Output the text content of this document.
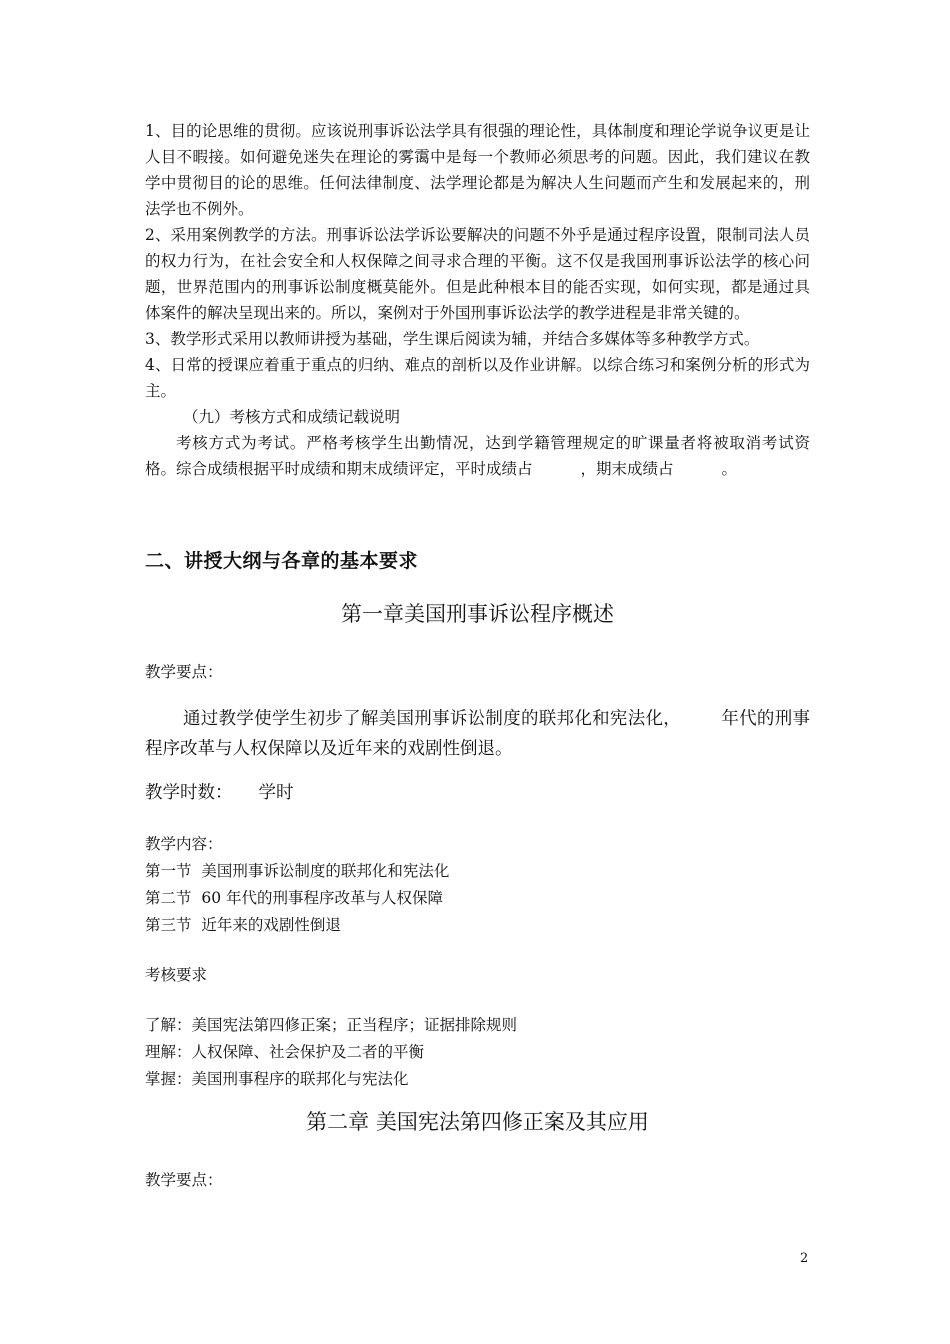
1、目的论思维的贯彻。应该说刑事诉讼法学具有很强的理论性，具体制度和理论学说争议更是让人目不暇接。如何避免迷失在理论的雾霭中是每一个教师必须思考的问题。因此，我们建议在教学中贯彻目的论的思维。任何法律制度、法学理论都是为解决人生问题而产生和发展起来的，刑法学也不例外。

2、采用案例教学的方法。刑事诉讼法学诉讼要解决的问题不外乎是通过程序设置，限制司法人员的权力行为，在社会安全和人权保障之间寻求合理的平衡。这不仅是我国刑事诉讼法学的核心问题，世界范围内的刑事诉讼制度概莫能外。但是此种根本目的能否实现，如何实现，都是通过具体案件的解决呈现出来的。所以，案例对于外国刑事诉讼法学的教学进程是非常关键的。

3、教学形式采用以教师讲授为基础，学生课后阅读为辅，并结合多媒体等多种教学方式。

4、日常的授课应着重于重点的归纳、难点的剖析以及作业讲解。以综合练习和案例分析的形式为主。

（九）考核方式和成绩记载说明

考核方式为考试。严格考核学生出勤情况，达到学籍管理规定的旷课量者将被取消考试资格。综合成绩根据平时成绩和期末成绩评定，平时成绩占	，期末成绩占	。

二、讲授大纲与各章的基本要求
第一章美国刑事诉讼程序概述
教学要点：

通过教学使学生初步了解美国刑事诉讼制度的联邦化和宪法化， 年代的刑事程序改革与人权保障以及近年来的戏剧性倒退。

教学时数： 学时
教学内容：
第一节  美国刑事诉讼制度的联邦化和宪法化
第二节  60 年代的刑事程序改革与人权保障
第三节  近年来的戏剧性倒退
考核要求
了解：美国宪法第四修正案；正当程序；证据排除规则
理解：人权保障、社会保护及二者的平衡
掌握：美国刑事程序的联邦化与宪法化
第二章 美国宪法第四修正案及其应用
教学要点：
2
